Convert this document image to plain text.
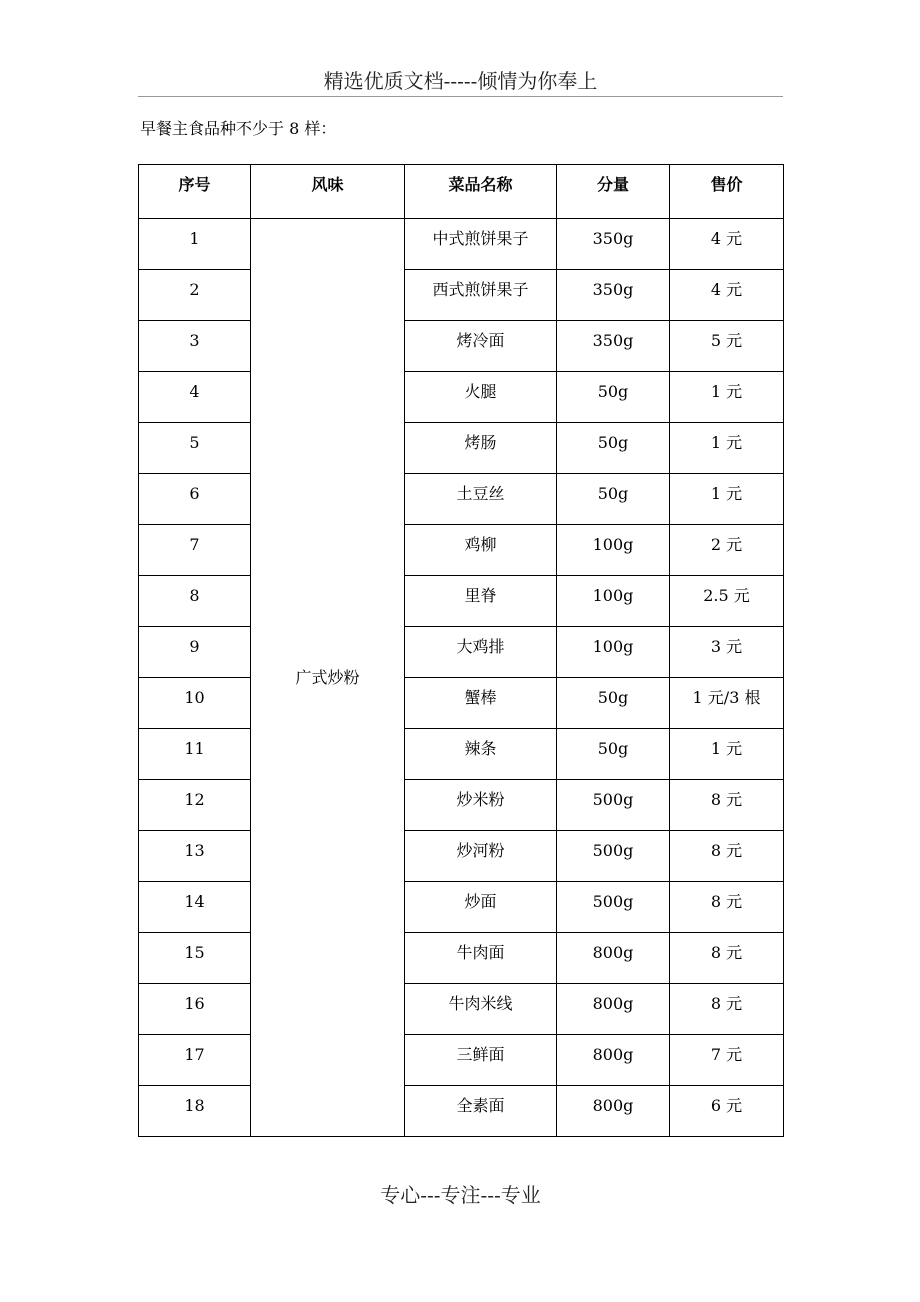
精选优质文档-----倾情为你奉上
早餐主食品种不少于 8 样：
序号	风味	菜品名称	分量	售价
1	广式炒粉	中式煎饼果子	350g	4 元
2		西式煎饼果子	350g	4 元
3		烤冷面	350g	5 元
4		火腿	50g	1 元
5		烤肠	50g	1 元
6		土豆丝	50g	1 元
7		鸡柳	100g	2 元
8		里脊	100g	2.5 元
9		大鸡排	100g	3 元
10		蟹棒	50g	1 元/3 根
11		辣条	50g	1 元
12		炒米粉	500g	8 元
13		炒河粉	500g	8 元
14		炒面	500g	8 元
15		牛肉面	800g	8 元
16		牛肉米线	800g	8 元
17		三鲜面	800g	7 元
18		全素面	800g	6 元
专心---专注---专业
